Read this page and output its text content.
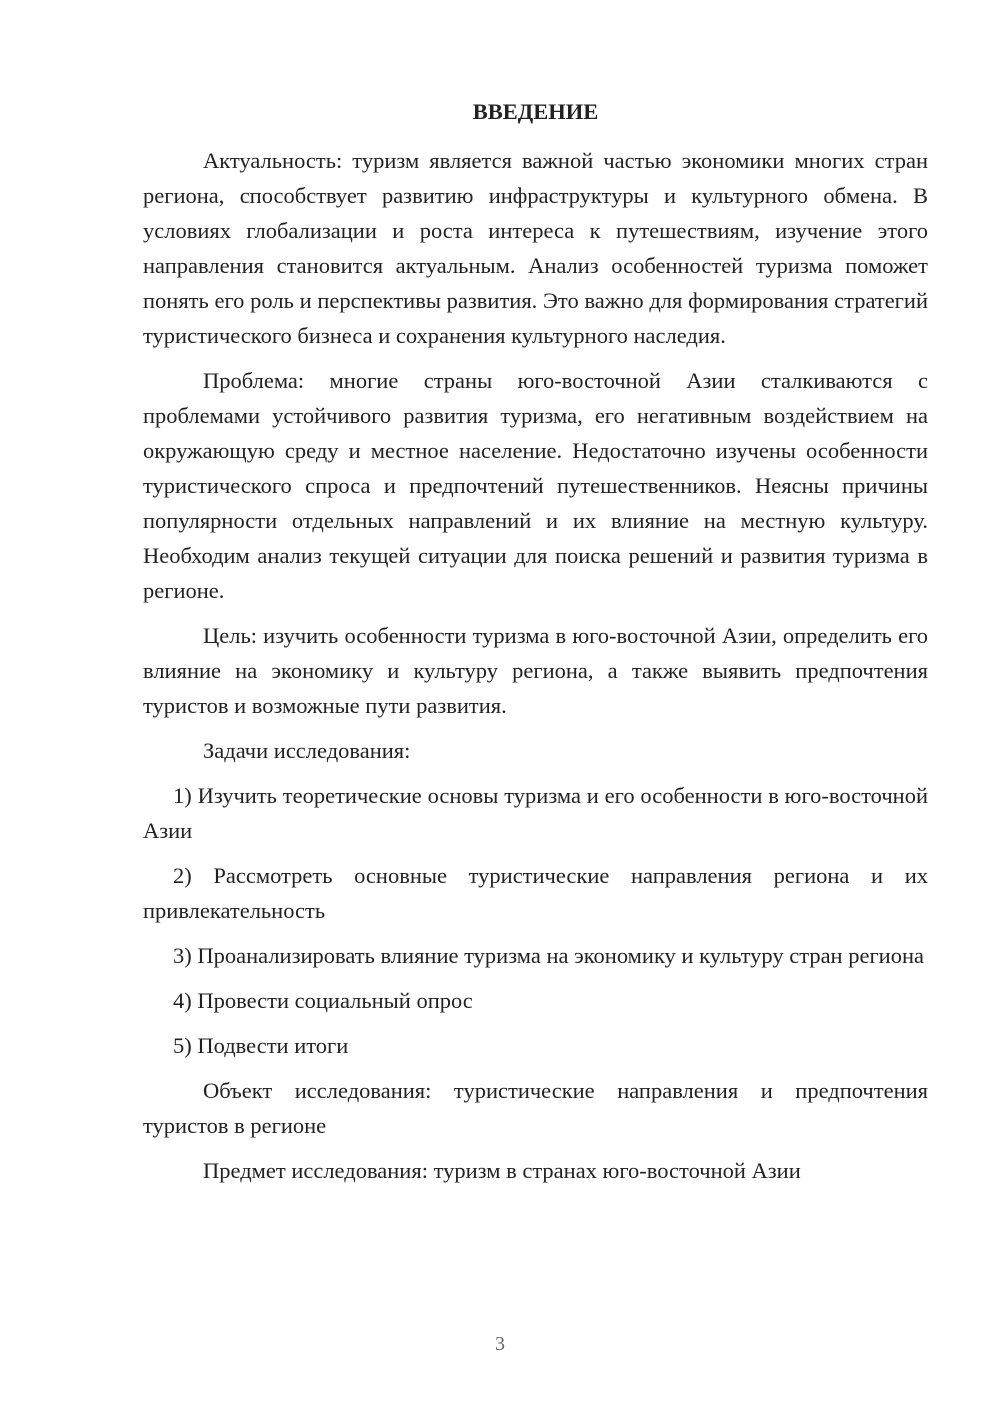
ВВЕДЕНИЕ

Актуальность: туризм является важной частью экономики многих стран региона, способствует развитию инфраструктуры и культурного обмена. В условиях глобализации и роста интереса к путешествиям, изучение этого направления становится актуальным. Анализ особенностей туризма поможет понять его роль и перспективы развития. Это важно для формирования стратегий туристического бизнеса и сохранения культурного наследия.

Проблема: многие страны юго-восточной Азии сталкиваются с проблемами устойчивого развития туризма, его негативным воздействием на окружающую среду и местное население. Недостаточно изучены особенности туристического спроса и предпочтений путешественников. Неясны причины популярности отдельных направлений и их влияние на местную культуру. Необходим анализ текущей ситуации для поиска решений и развития туризма в регионе.

Цель: изучить особенности туризма в юго-восточной Азии, определить его влияние на экономику и культуру региона, а также выявить предпочтения туристов и возможные пути развития.

Задачи исследования:

1) Изучить теоретические основы туризма и его особенности в юго-восточной Азии

2) Рассмотреть основные туристические направления региона и их привлекательность

3) Проанализировать влияние туризма на экономику и культуру стран региона

4) Провести социальный опрос

5) Подвести итоги

Объект исследования: туристические направления и предпочтения туристов в регионе

Предмет исследования: туризм в странах юго-восточной Азии

3
